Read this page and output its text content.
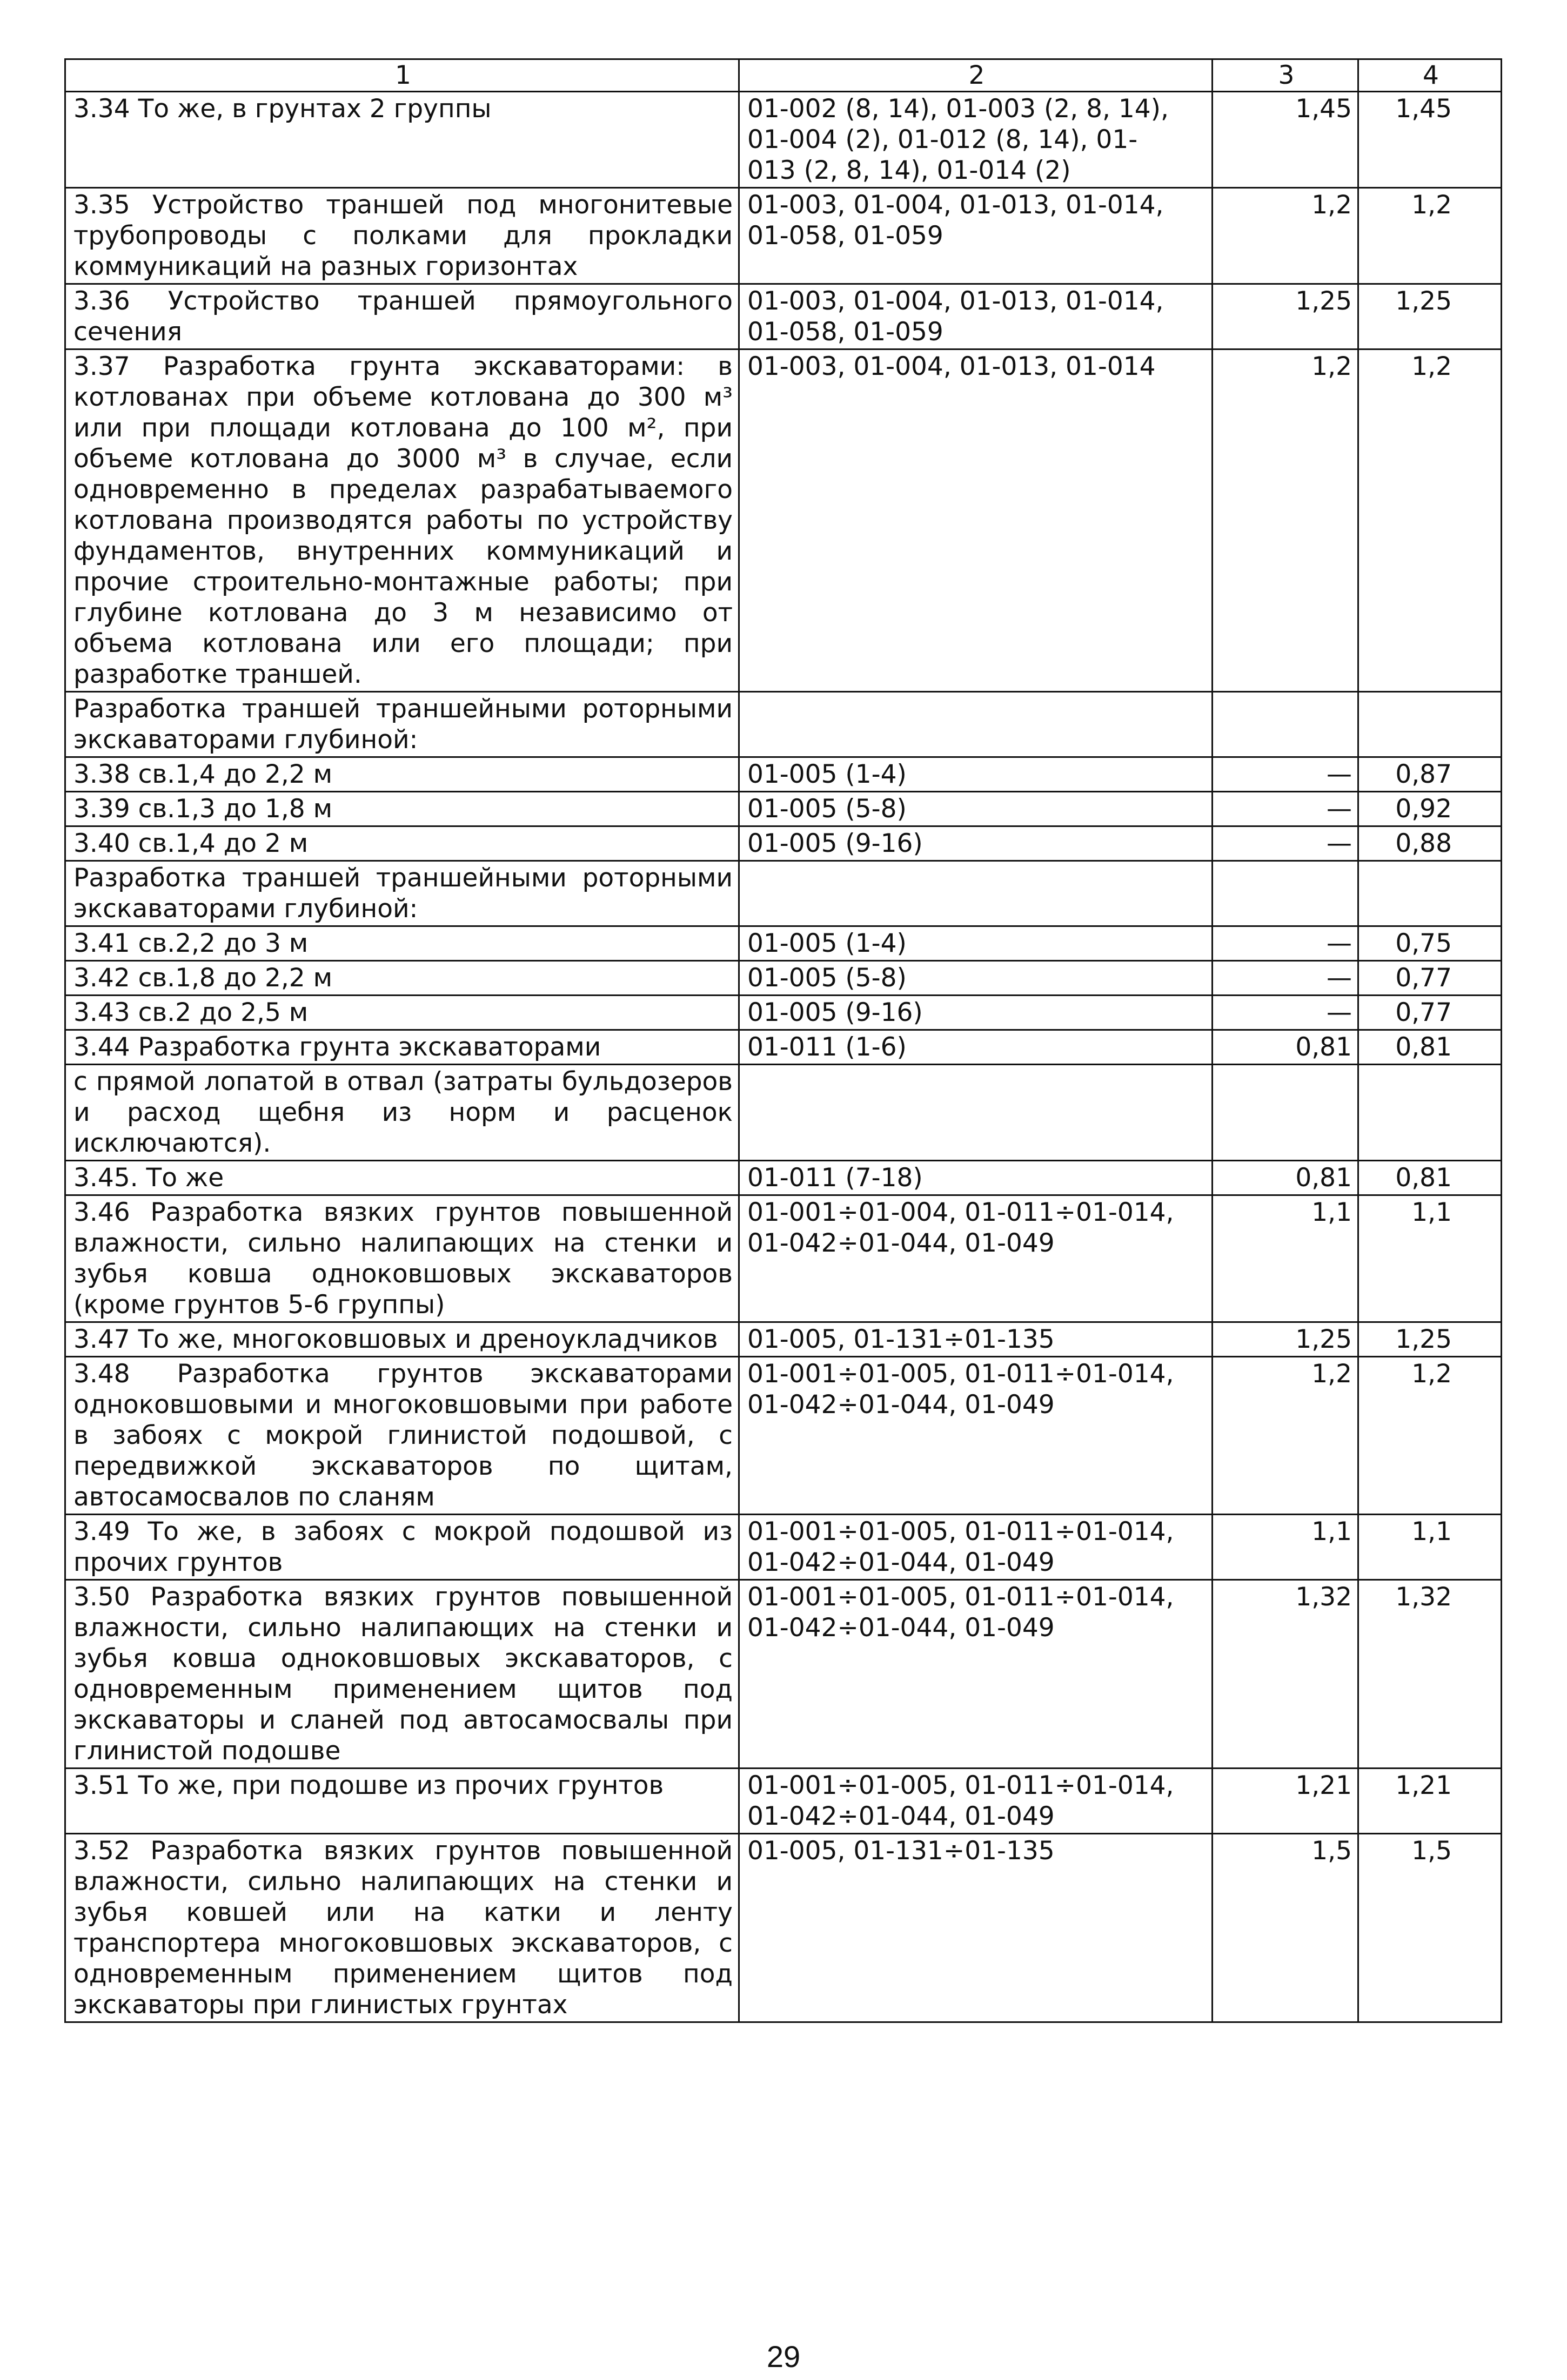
1	2	3	4
3.34 То же, в грунтах 2 группы	01-002 (8, 14), 01-003 (2, 8, 14),
01-004 (2), 01-012 (8, 14), 01-
013 (2, 8, 14), 01-014 (2)	1,45	1,45
3.35 Устройство траншей под многонитевые трубопроводы с полками для прокладки коммуникаций на разных горизонтах	01-003, 01-004, 01-013, 01-014,
01-058, 01-059	1,2	1,2
3.36 Устройство траншей прямоугольного сечения	01-003, 01-004, 01-013, 01-014,
01-058, 01-059	1,25	1,25
3.37 Разработка грунта экскаваторами: в котлованах при объеме котлована до 300 м³ или при площади котлована до 100 м², при объеме котлована до 3000 м³ в случае, если одновременно в пределах разрабатываемого котлована производятся работы по устройству фундаментов, внутренних коммуникаций и прочие строительно-монтажные работы; при глубине котлована до 3 м независимо от объема котлована или его площади; при разработке траншей.	01-003, 01-004, 01-013, 01-014	1,2	1,2
Разработка траншей траншейными роторными экскаваторами глубиной:			
3.38 св.1,4 до 2,2 м	01-005 (1-4)	—	0,87
3.39 св.1,3 до 1,8 м	01-005 (5-8)	—	0,92
3.40 св.1,4 до 2 м	01-005 (9-16)	—	0,88
Разработка траншей траншейными роторными экскаваторами глубиной:			
3.41 св.2,2 до 3 м	01-005 (1-4)	—	0,75
3.42 св.1,8 до 2,2 м	01-005 (5-8)	—	0,77
3.43 св.2 до 2,5 м	01-005 (9-16)	—	0,77
3.44 Разработка грунта экскаваторами	01-011 (1-6)	0,81	0,81
с прямой лопатой в отвал (затраты бульдозеров и расход щебня из норм и расценок исключаются).			
3.45. То же	01-011 (7-18)	0,81	0,81
3.46 Разработка вязких грунтов повышенной влажности, сильно налипающих на стенки и зубья ковша одноковшовых экскаваторов (кроме грунтов 5-6 группы)	01-001÷01-004, 01-011÷01-014,
01-042÷01-044, 01-049	1,1	1,1
3.47 То же, многоковшовых и дреноукладчиков	01-005, 01-131÷01-135	1,25	1,25
3.48 Разработка грунтов экскаваторами одноковшовыми и многоковшовыми при работе в забоях с мокрой глинистой подошвой, с передвижкой экскаваторов по щитам, автосамосвалов по сланям	01-001÷01-005, 01-011÷01-014,
01-042÷01-044, 01-049	1,2	1,2
3.49 То же, в забоях с мокрой подошвой из прочих грунтов	01-001÷01-005, 01-011÷01-014,
01-042÷01-044, 01-049	1,1	1,1
3.50 Разработка вязких грунтов повышенной влажности, сильно налипающих на стенки и зубья ковша одноковшовых экскаваторов, с одновременным применением щитов под экскаваторы и сланей под автосамосвалы при глинистой подошве	01-001÷01-005, 01-011÷01-014,
01-042÷01-044, 01-049	1,32	1,32
3.51 То же, при подошве из прочих грунтов	01-001÷01-005, 01-011÷01-014,
01-042÷01-044, 01-049	1,21	1,21
3.52 Разработка вязких грунтов повышенной влажности, сильно налипающих на стенки и зубья ковшей или на катки и ленту транспортера многоковшовых экскаваторов, с одновременным применением щитов под экскаваторы при глинистых грунтах	01-005, 01-131÷01-135	1,5	1,5
29
